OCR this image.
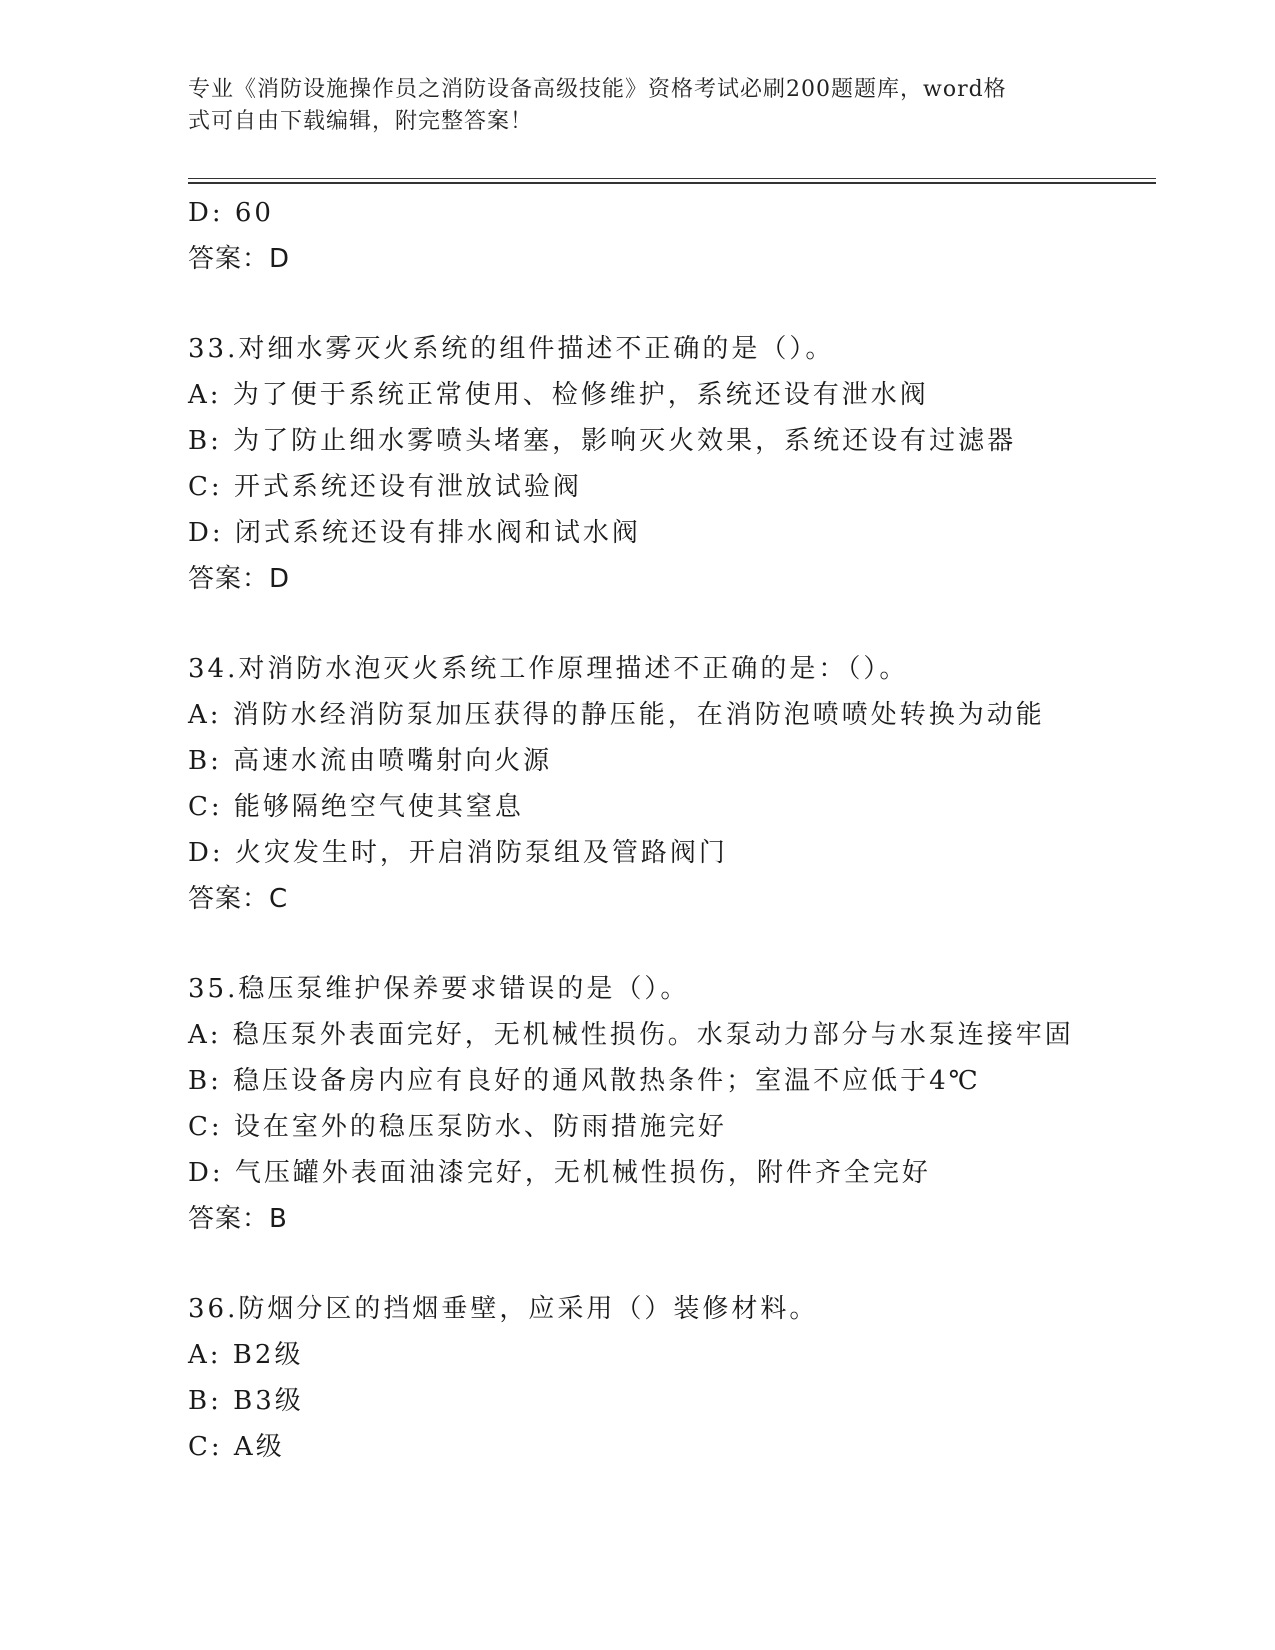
专业《消防设施操作员之消防设备高级技能》资格考试必刷200题题库，word格
式可自由下载编辑，附完整答案！
D: 60
答案：D
33.对细水雾灭火系统的组件描述不正确的是（）。
A: 为了便于系统正常使用、检修维护，系统还设有泄水阀
B: 为了防止细水雾喷头堵塞，影响灭火效果，系统还设有过滤器
C: 开式系统还设有泄放试验阀
D: 闭式系统还设有排水阀和试水阀
答案：D
34.对消防水泡灭火系统工作原理描述不正确的是：（）。
A: 消防水经消防泵加压获得的静压能，在消防泡喷喷处转换为动能
B: 高速水流由喷嘴射向火源
C: 能够隔绝空气使其窒息
D: 火灾发生时，开启消防泵组及管路阀门
答案：C
35.稳压泵维护保养要求错误的是（）。
A: 稳压泵外表面完好，无机械性损伤。水泵动力部分与水泵连接牢固
B: 稳压设备房内应有良好的通风散热条件；室温不应低于4℃
C: 设在室外的稳压泵防水、防雨措施完好
D: 气压罐外表面油漆完好，无机械性损伤，附件齐全完好
答案：B
36.防烟分区的挡烟垂壁，应采用（）装修材料。
A: B2级
B: B3级
C: A级
